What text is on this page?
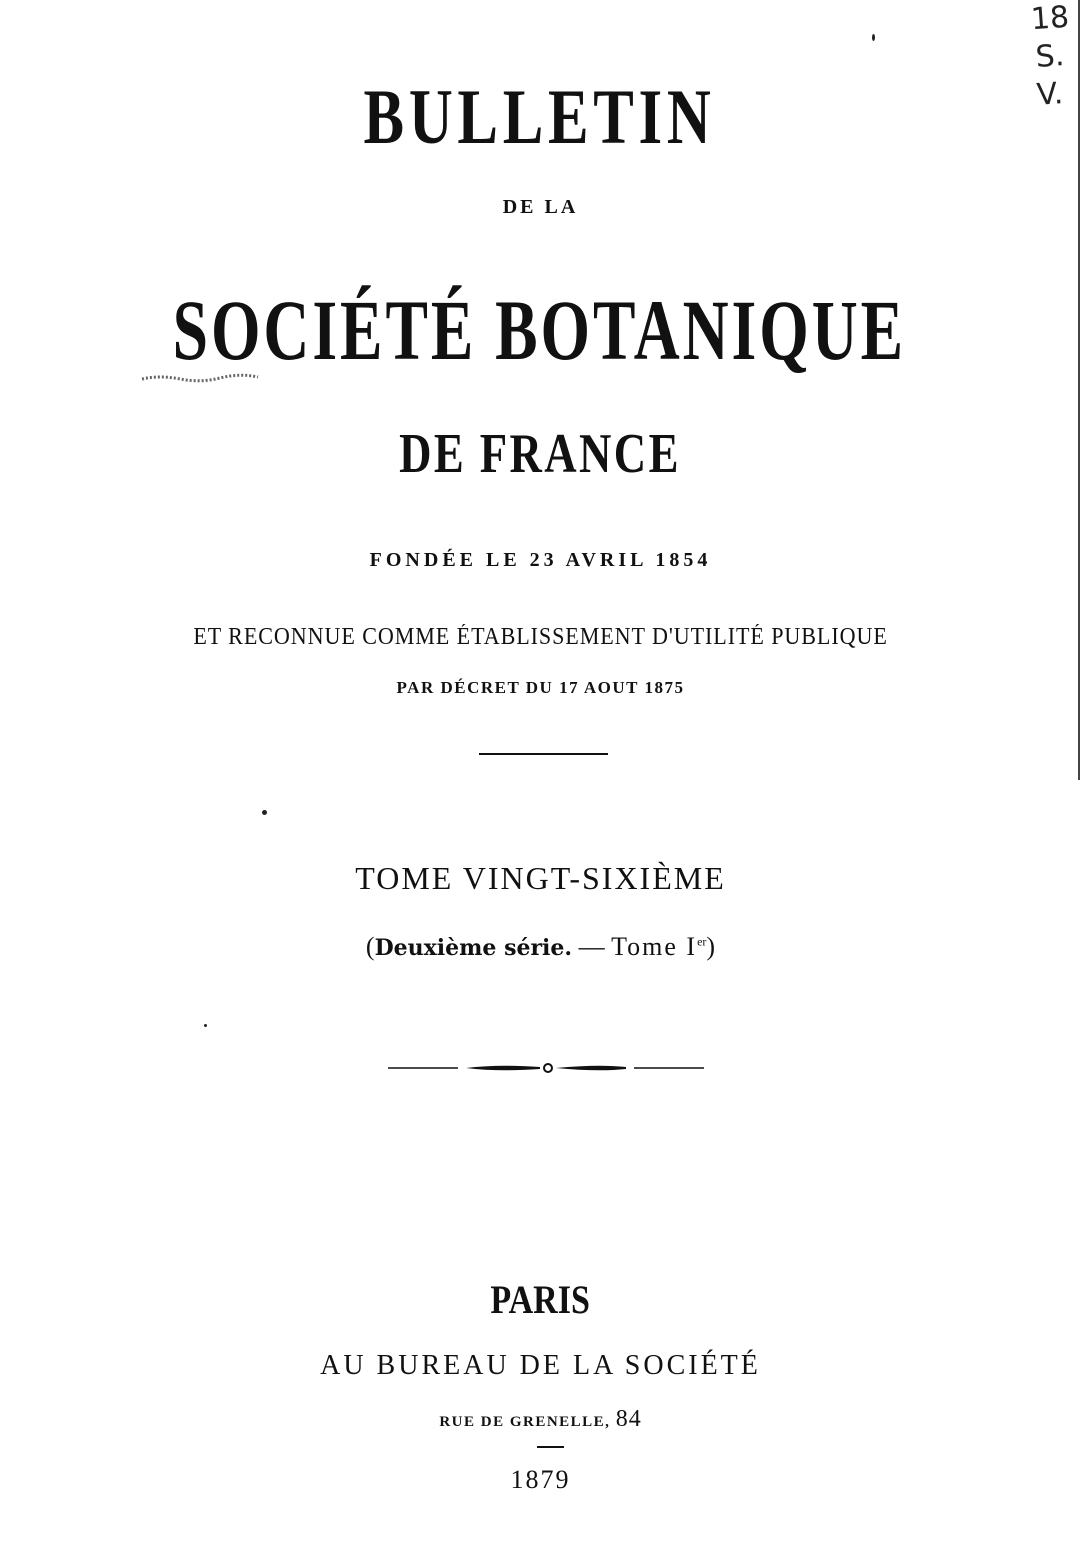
BULLETIN
DE LA
SOCIÉTÉ BOTANIQUE
DE FRANCE
FONDÉE LE 23 AVRIL 1854
ET RECONNUE COMME ÉTABLISSEMENT D'UTILITÉ PUBLIQUE
PAR DÉCRET DU 17 AOUT 1875
TOME VINGT-SIXIÈME
(Deuxième série. — Tome Ier)
PARIS
AU BUREAU DE LA SOCIÉTÉ
RUE DE GRENELLE, 84
1879
18
S.
V.
